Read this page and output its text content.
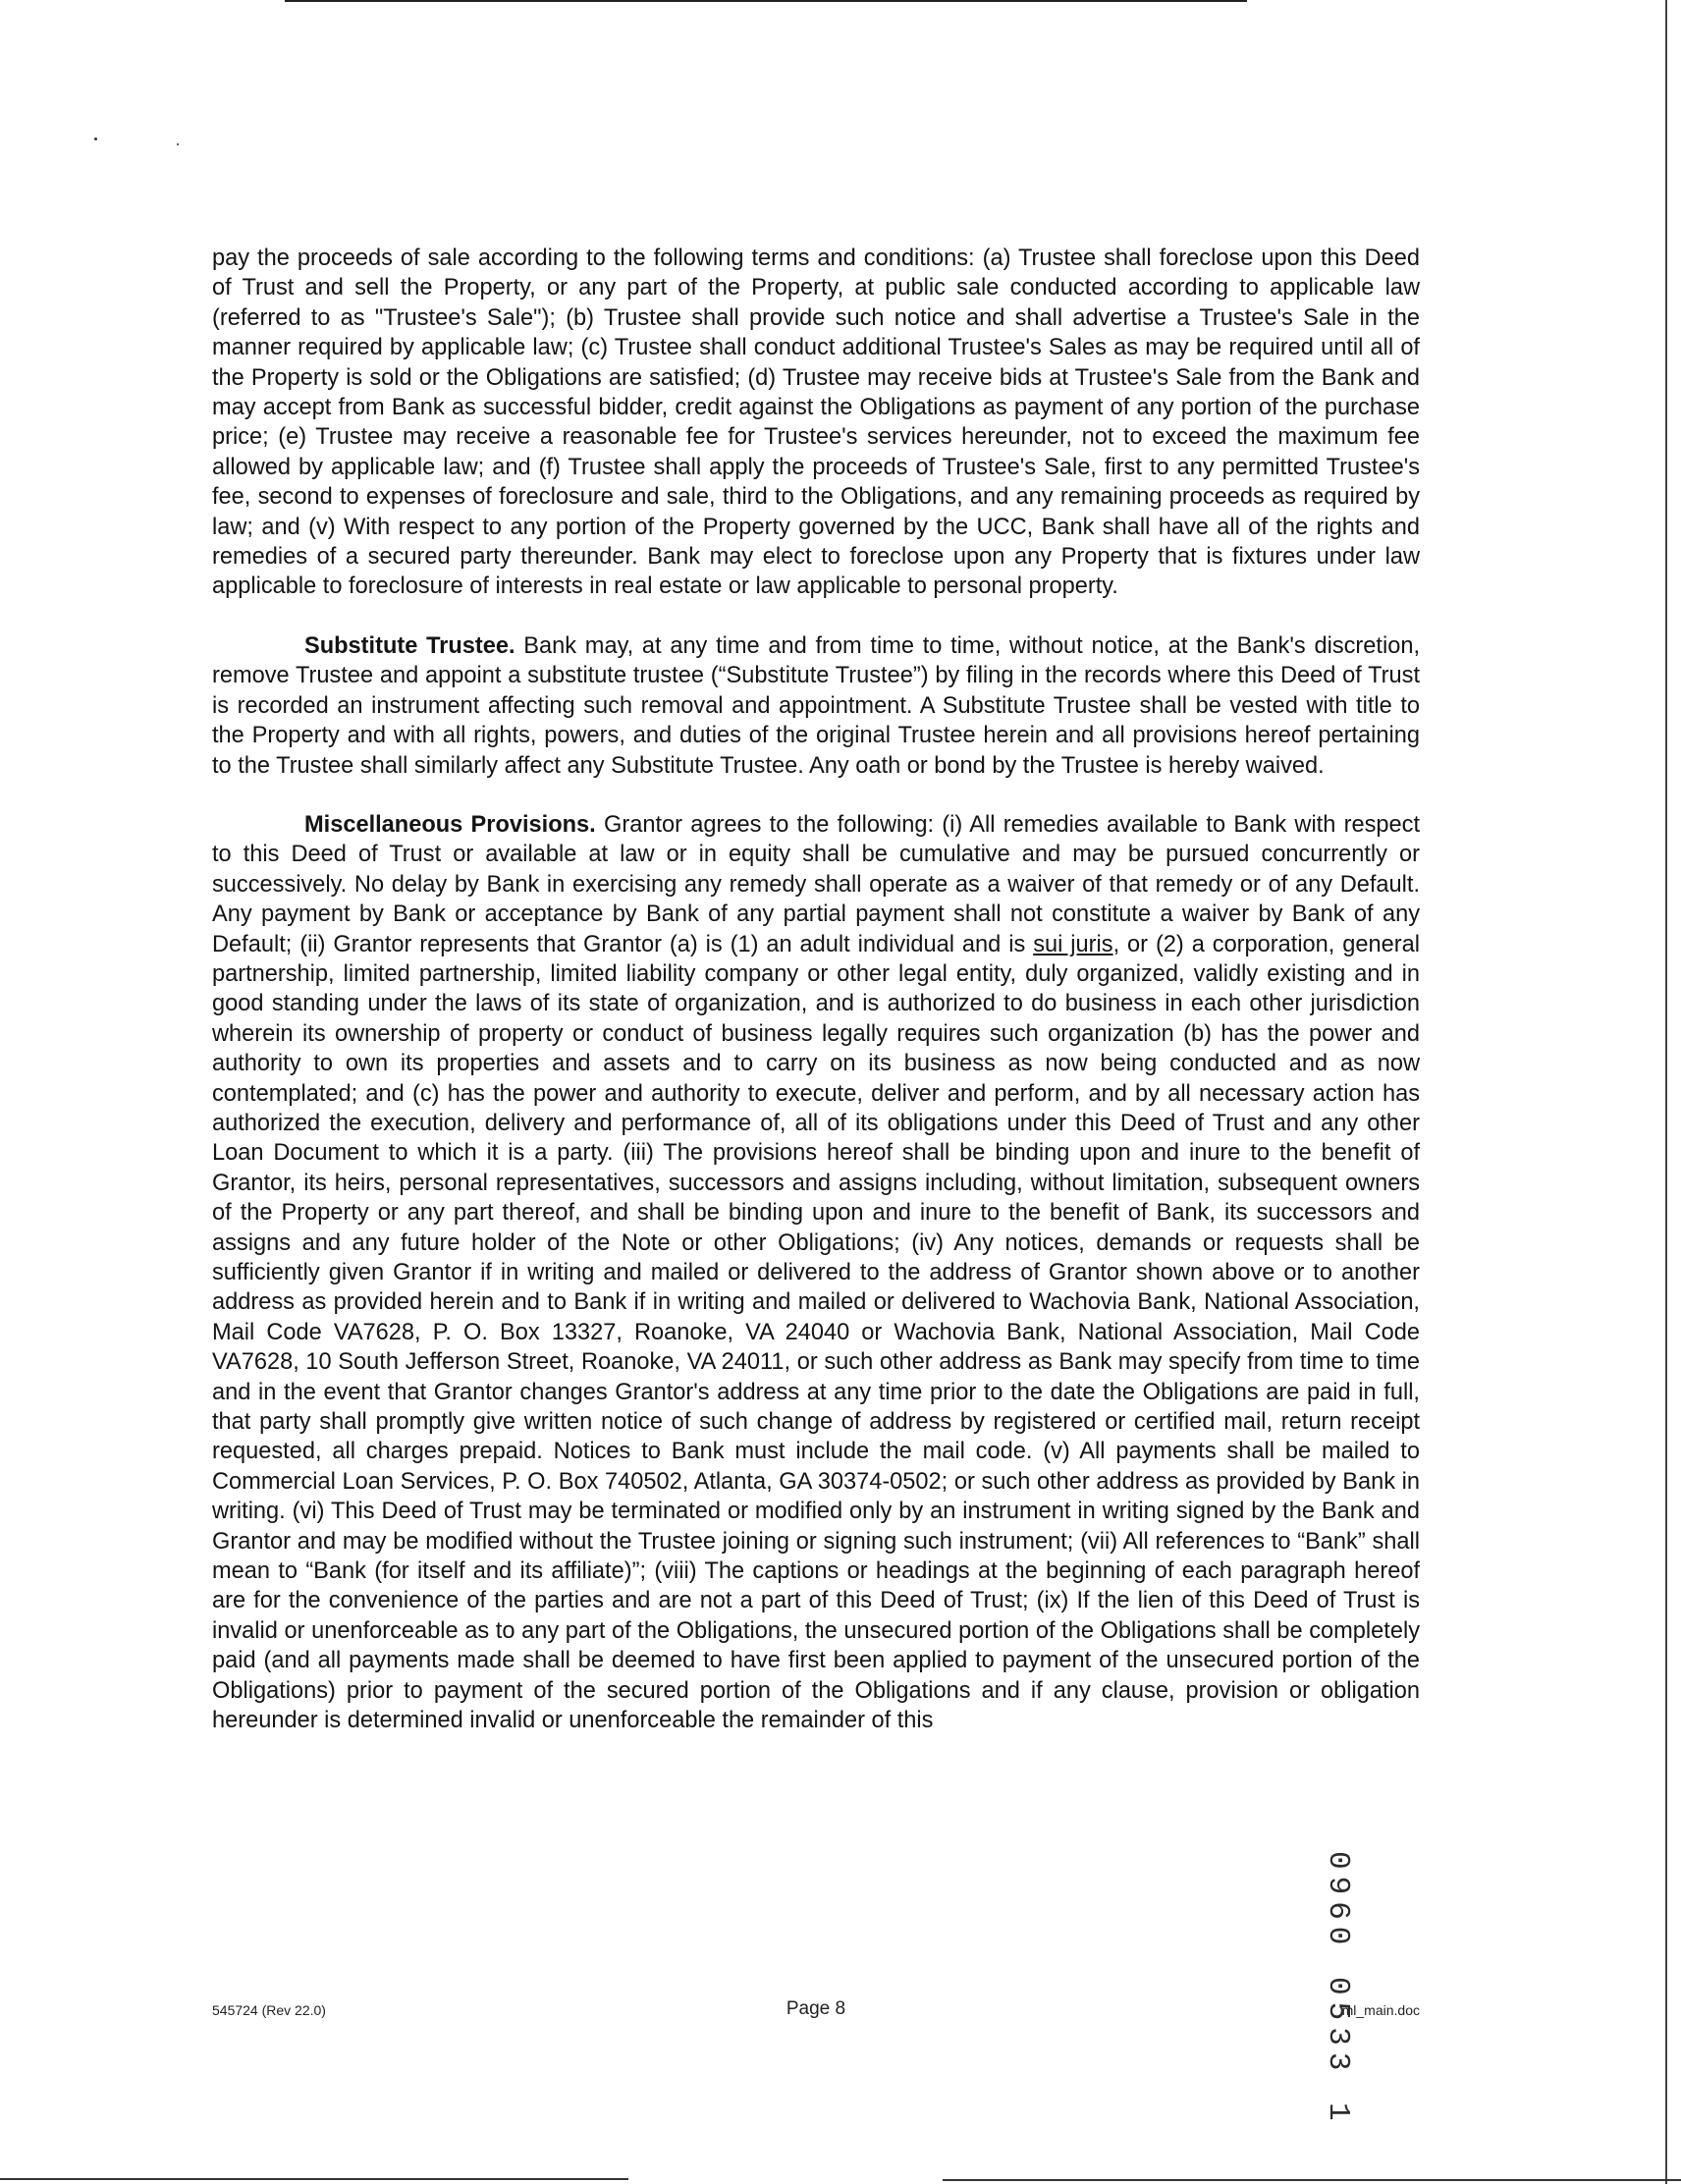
pay the proceeds of sale according to the following terms and conditions: (a) Trustee shall foreclose upon this Deed of Trust and sell the Property, or any part of the Property, at public sale conducted according to applicable law (referred to as "Trustee's Sale"); (b) Trustee shall provide such notice and shall advertise a Trustee's Sale in the manner required by applicable law; (c) Trustee shall conduct additional Trustee's Sales as may be required until all of the Property is sold or the Obligations are satisfied; (d) Trustee may receive bids at Trustee's Sale from the Bank and may accept from Bank as successful bidder, credit against the Obligations as payment of any portion of the purchase price; (e) Trustee may receive a reasonable fee for Trustee's services hereunder, not to exceed the maximum fee allowed by applicable law; and (f) Trustee shall apply the proceeds of Trustee's Sale, first to any permitted Trustee's fee, second to expenses of foreclosure and sale, third to the Obligations, and any remaining proceeds as required by law; and (v) With respect to any portion of the Property governed by the UCC, Bank shall have all of the rights and remedies of a secured party thereunder. Bank may elect to foreclose upon any Property that is fixtures under law applicable to foreclosure of interests in real estate or law applicable to personal property.

Substitute Trustee. Bank may, at any time and from time to time, without notice, at the Bank's discretion, remove Trustee and appoint a substitute trustee (“Substitute Trustee”) by filing in the records where this Deed of Trust is recorded an instrument affecting such removal and appointment. A Substitute Trustee shall be vested with title to the Property and with all rights, powers, and duties of the original Trustee herein and all provisions hereof pertaining to the Trustee shall similarly affect any Substitute Trustee. Any oath or bond by the Trustee is hereby waived.

Miscellaneous Provisions. Grantor agrees to the following: (i) All remedies available to Bank with respect to this Deed of Trust or available at law or in equity shall be cumulative and may be pursued concurrently or successively. No delay by Bank in exercising any remedy shall operate as a waiver of that remedy or of any Default. Any payment by Bank or acceptance by Bank of any partial payment shall not constitute a waiver by Bank of any Default; (ii) Grantor represents that Grantor (a) is (1) an adult individual and is sui juris, or (2) a corporation, general partnership, limited partnership, limited liability company or other legal entity, duly organized, validly existing and in good standing under the laws of its state of organization, and is authorized to do business in each other jurisdiction wherein its ownership of property or conduct of business legally requires such organization (b) has the power and authority to own its properties and assets and to carry on its business as now being conducted and as now contemplated; and (c) has the power and authority to execute, deliver and perform, and by all necessary action has authorized the execution, delivery and performance of, all of its obligations under this Deed of Trust and any other Loan Document to which it is a party. (iii) The provisions hereof shall be binding upon and inure to the benefit of Grantor, its heirs, personal representatives, successors and assigns including, without limitation, subsequent owners of the Property or any part thereof, and shall be binding upon and inure to the benefit of Bank, its successors and assigns and any future holder of the Note or other Obligations; (iv) Any notices, demands or requests shall be sufficiently given Grantor if in writing and mailed or delivered to the address of Grantor shown above or to another address as provided herein and to Bank if in writing and mailed or delivered to Wachovia Bank, National Association, Mail Code VA7628, P. O. Box 13327, Roanoke, VA 24040 or Wachovia Bank, National Association, Mail Code VA7628, 10 South Jefferson Street, Roanoke, VA 24011, or such other address as Bank may specify from time to time and in the event that Grantor changes Grantor's address at any time prior to the date the Obligations are paid in full, that party shall promptly give written notice of such change of address by registered or certified mail, return receipt requested, all charges prepaid. Notices to Bank must include the mail code. (v) All payments shall be mailed to Commercial Loan Services, P. O. Box 740502, Atlanta, GA 30374-0502; or such other address as provided by Bank in writing. (vi) This Deed of Trust may be terminated or modified only by an instrument in writing signed by the Bank and Grantor and may be modified without the Trustee joining or signing such instrument; (vii) All references to “Bank” shall mean to “Bank (for itself and its affiliate)”; (viii) The captions or headings at the beginning of each paragraph hereof are for the convenience of the parties and are not a part of this Deed of Trust; (ix) If the lien of this Deed of Trust is invalid or unenforceable as to any part of the Obligations, the unsecured portion of the Obligations shall be completely paid (and all payments made shall be deemed to have first been applied to payment of the unsecured portion of the Obligations) prior to payment of the secured portion of the Obligations and if any clause, provision or obligation hereunder is determined invalid or unenforceable the remainder of this

545724 (Rev 22.0)	Page 8	ml_main.doc
0960 0533 1
